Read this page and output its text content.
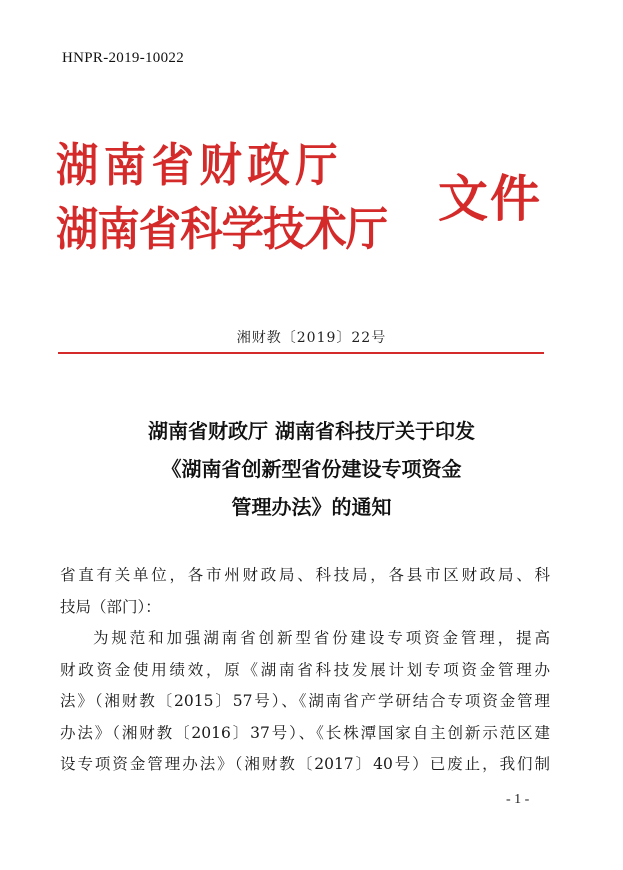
HNPR-2019-10022
湖南省财政厅
湖南省科学技术厅
文件
湘财教〔2019〕22号
湖南省财政厅 湖南省科技厅关于印发
《湖南省创新型省份建设专项资金
管理办法》的通知
省直有关单位，各市州财政局、科技局，各县市区财政局、科
技局（部门）：
为规范和加强湖南省创新型省份建设专项资金管理，提高
财政资金使用绩效，原《湖南省科技发展计划专项资金管理办
法》（湘财教〔2015〕57号）、《湖南省产学研结合专项资金管理
办法》（湘财教〔2016〕37号）、《长株潭国家自主创新示范区建
设专项资金管理办法》（湘财教〔2017〕40号）已废止，我们制
- 1 -
